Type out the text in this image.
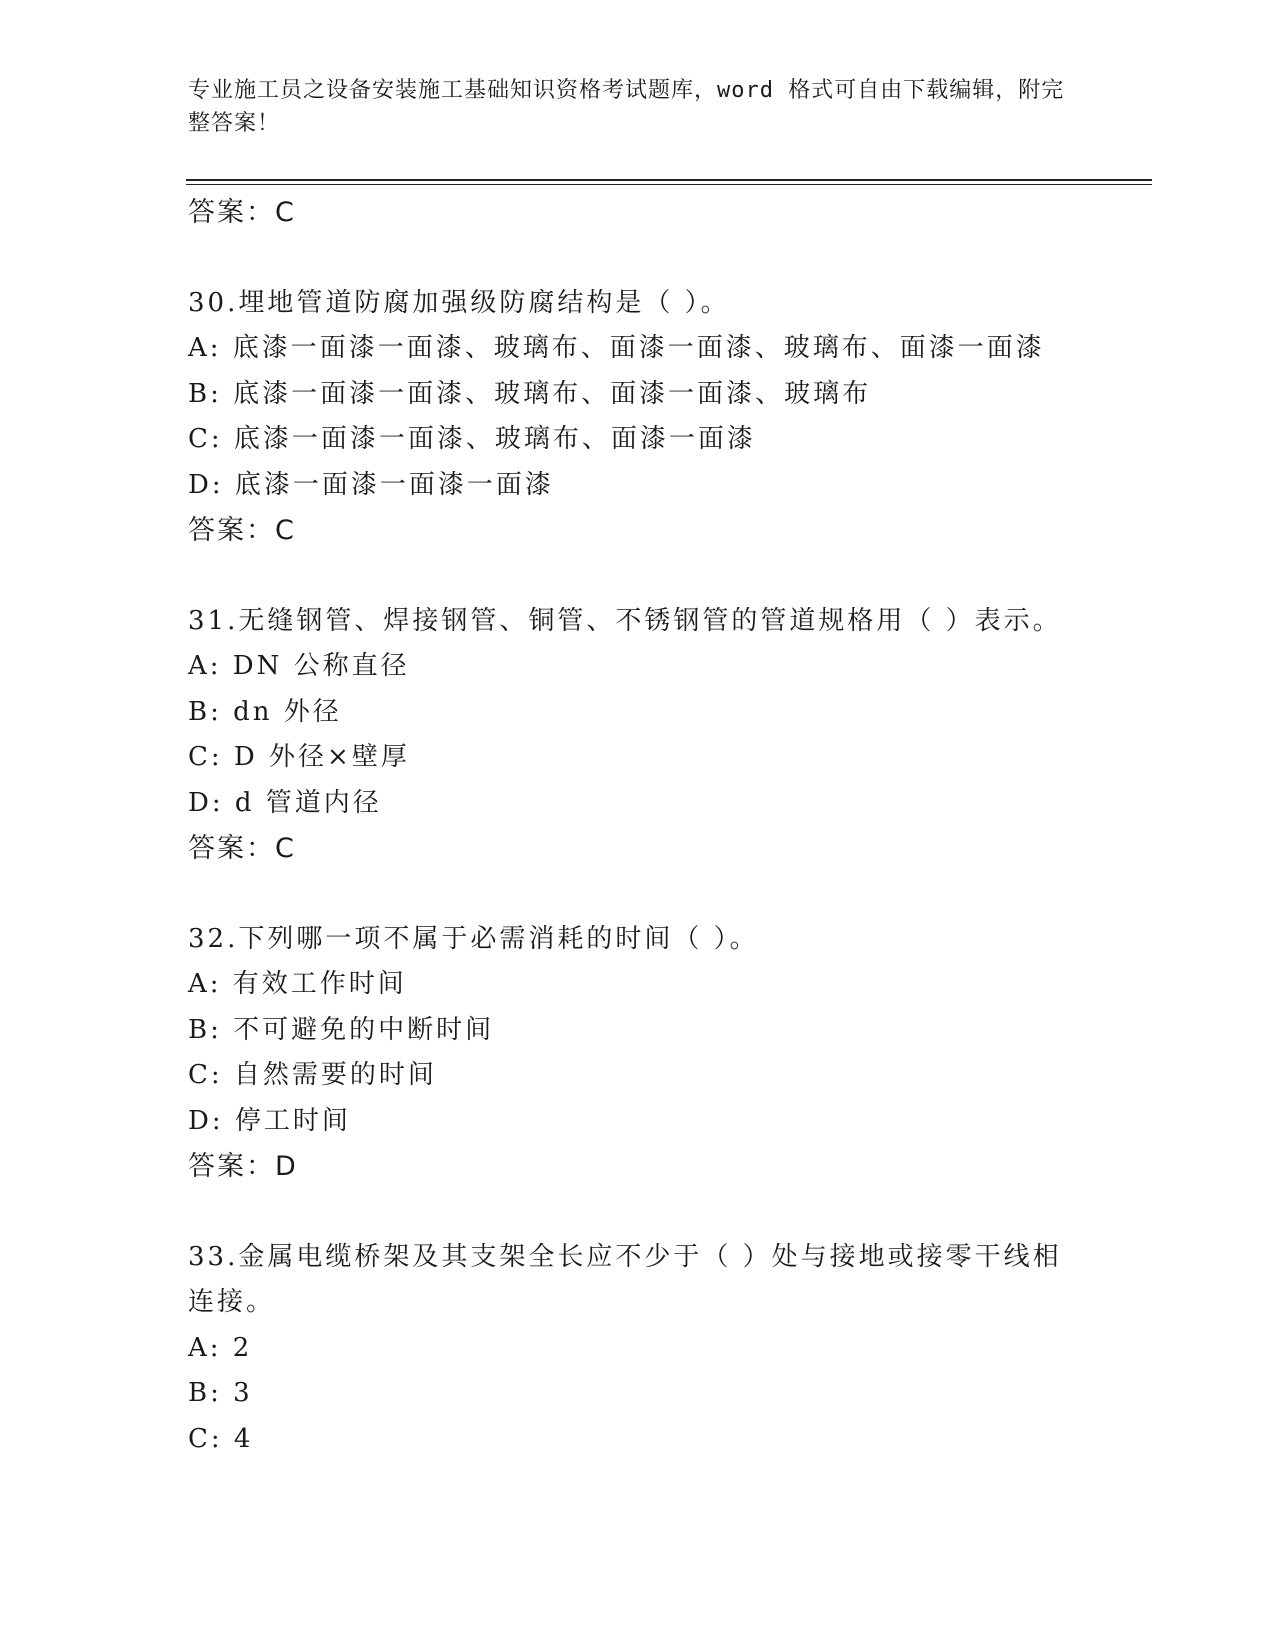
专业施工员之设备安装施工基础知识资格考试题库，word 格式可自由下载编辑，附完整答案！
答案：C
30.埋地管道防腐加强级防腐结构是（ ）。
A: 底漆一面漆一面漆、玻璃布、面漆一面漆、玻璃布、面漆一面漆
B: 底漆一面漆一面漆、玻璃布、面漆一面漆、玻璃布
C: 底漆一面漆一面漆、玻璃布、面漆一面漆
D: 底漆一面漆一面漆一面漆
答案：C
31.无缝钢管、焊接钢管、铜管、不锈钢管的管道规格用（ ）表示。
A: DN 公称直径
B: dn 外径
C: D 外径×壁厚
D: d 管道内径
答案：C
32.下列哪一项不属于必需消耗的时间（ ）。
A: 有效工作时间
B: 不可避免的中断时间
C: 自然需要的时间
D: 停工时间
答案：D
33.金属电缆桥架及其支架全长应不少于（ ）处与接地或接零干线相连接。
A: 2
B: 3
C: 4
